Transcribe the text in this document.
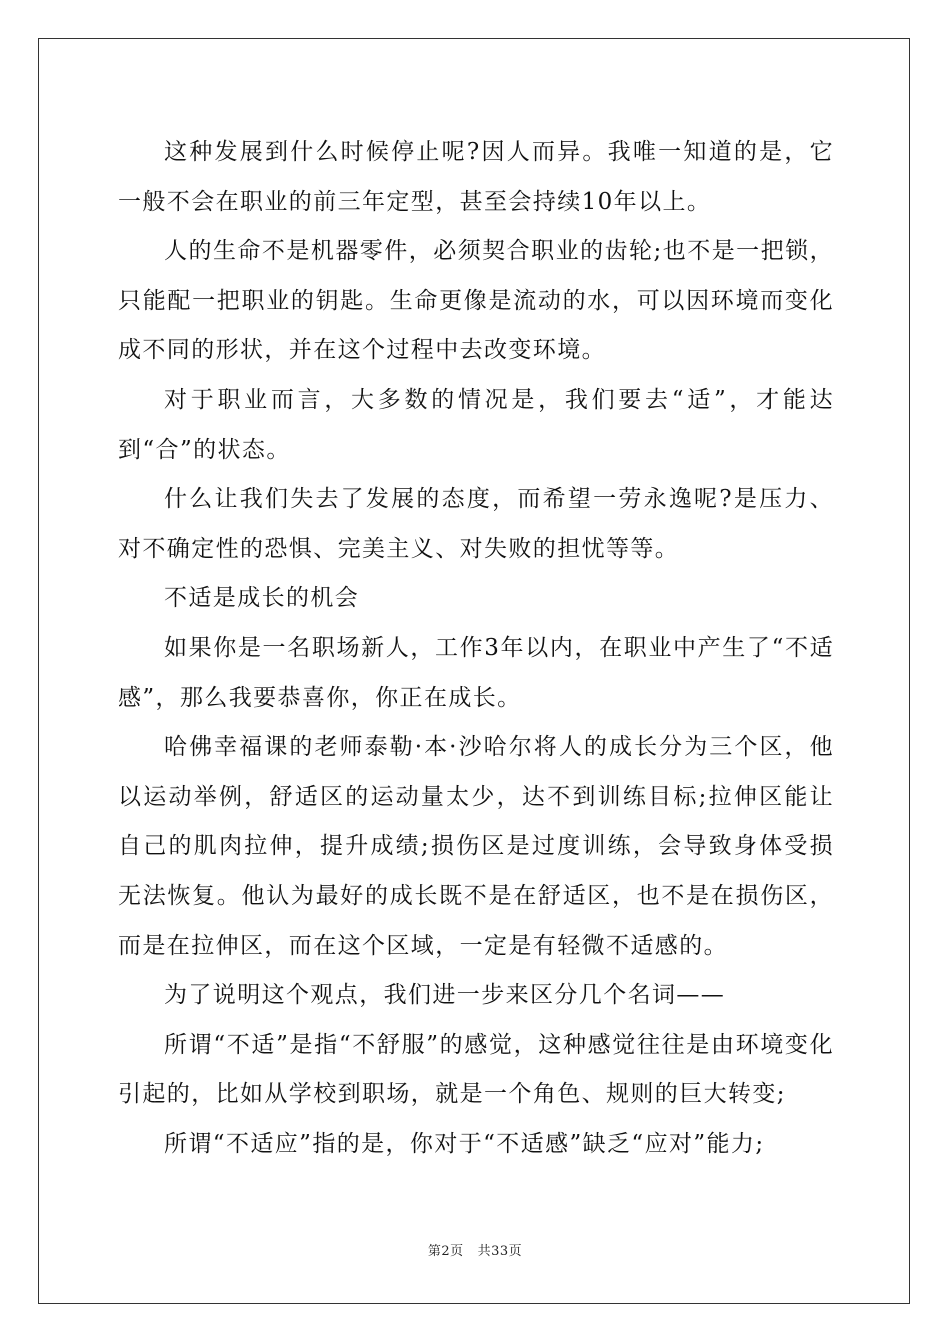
这种发展到什么时候停止呢?因人而异。我唯一知道的是，它一般不会在职业的前三年定型，甚至会持续10年以上。

人的生命不是机器零件，必须契合职业的齿轮;也不是一把锁，只能配一把职业的钥匙。生命更像是流动的水，可以因环境而变化成不同的形状，并在这个过程中去改变环境。

对于职业而言，大多数的情况是，我们要去“适”，才能达到“合”的状态。

什么让我们失去了发展的态度，而希望一劳永逸呢?是压力、对不确定性的恐惧、完美主义、对失败的担忧等等。

不适是成长的机会

如果你是一名职场新人，工作3年以内，在职业中产生了“不适感”，那么我要恭喜你，你正在成长。

哈佛幸福课的老师泰勒·本·沙哈尔将人的成长分为三个区，他以运动举例，舒适区的运动量太少，达不到训练目标;拉伸区能让自己的肌肉拉伸，提升成绩;损伤区是过度训练，会导致身体受损无法恢复。他认为最好的成长既不是在舒适区，也不是在损伤区，而是在拉伸区，而在这个区域，一定是有轻微不适感的。

为了说明这个观点，我们进一步来区分几个名词——

所谓“不适”是指“不舒服”的感觉，这种感觉往往是由环境变化引起的，比如从学校到职场，就是一个角色、规则的巨大转变;

所谓“不适应”指的是，你对于“不适感”缺乏“应对”能力;

第2页 共33页
